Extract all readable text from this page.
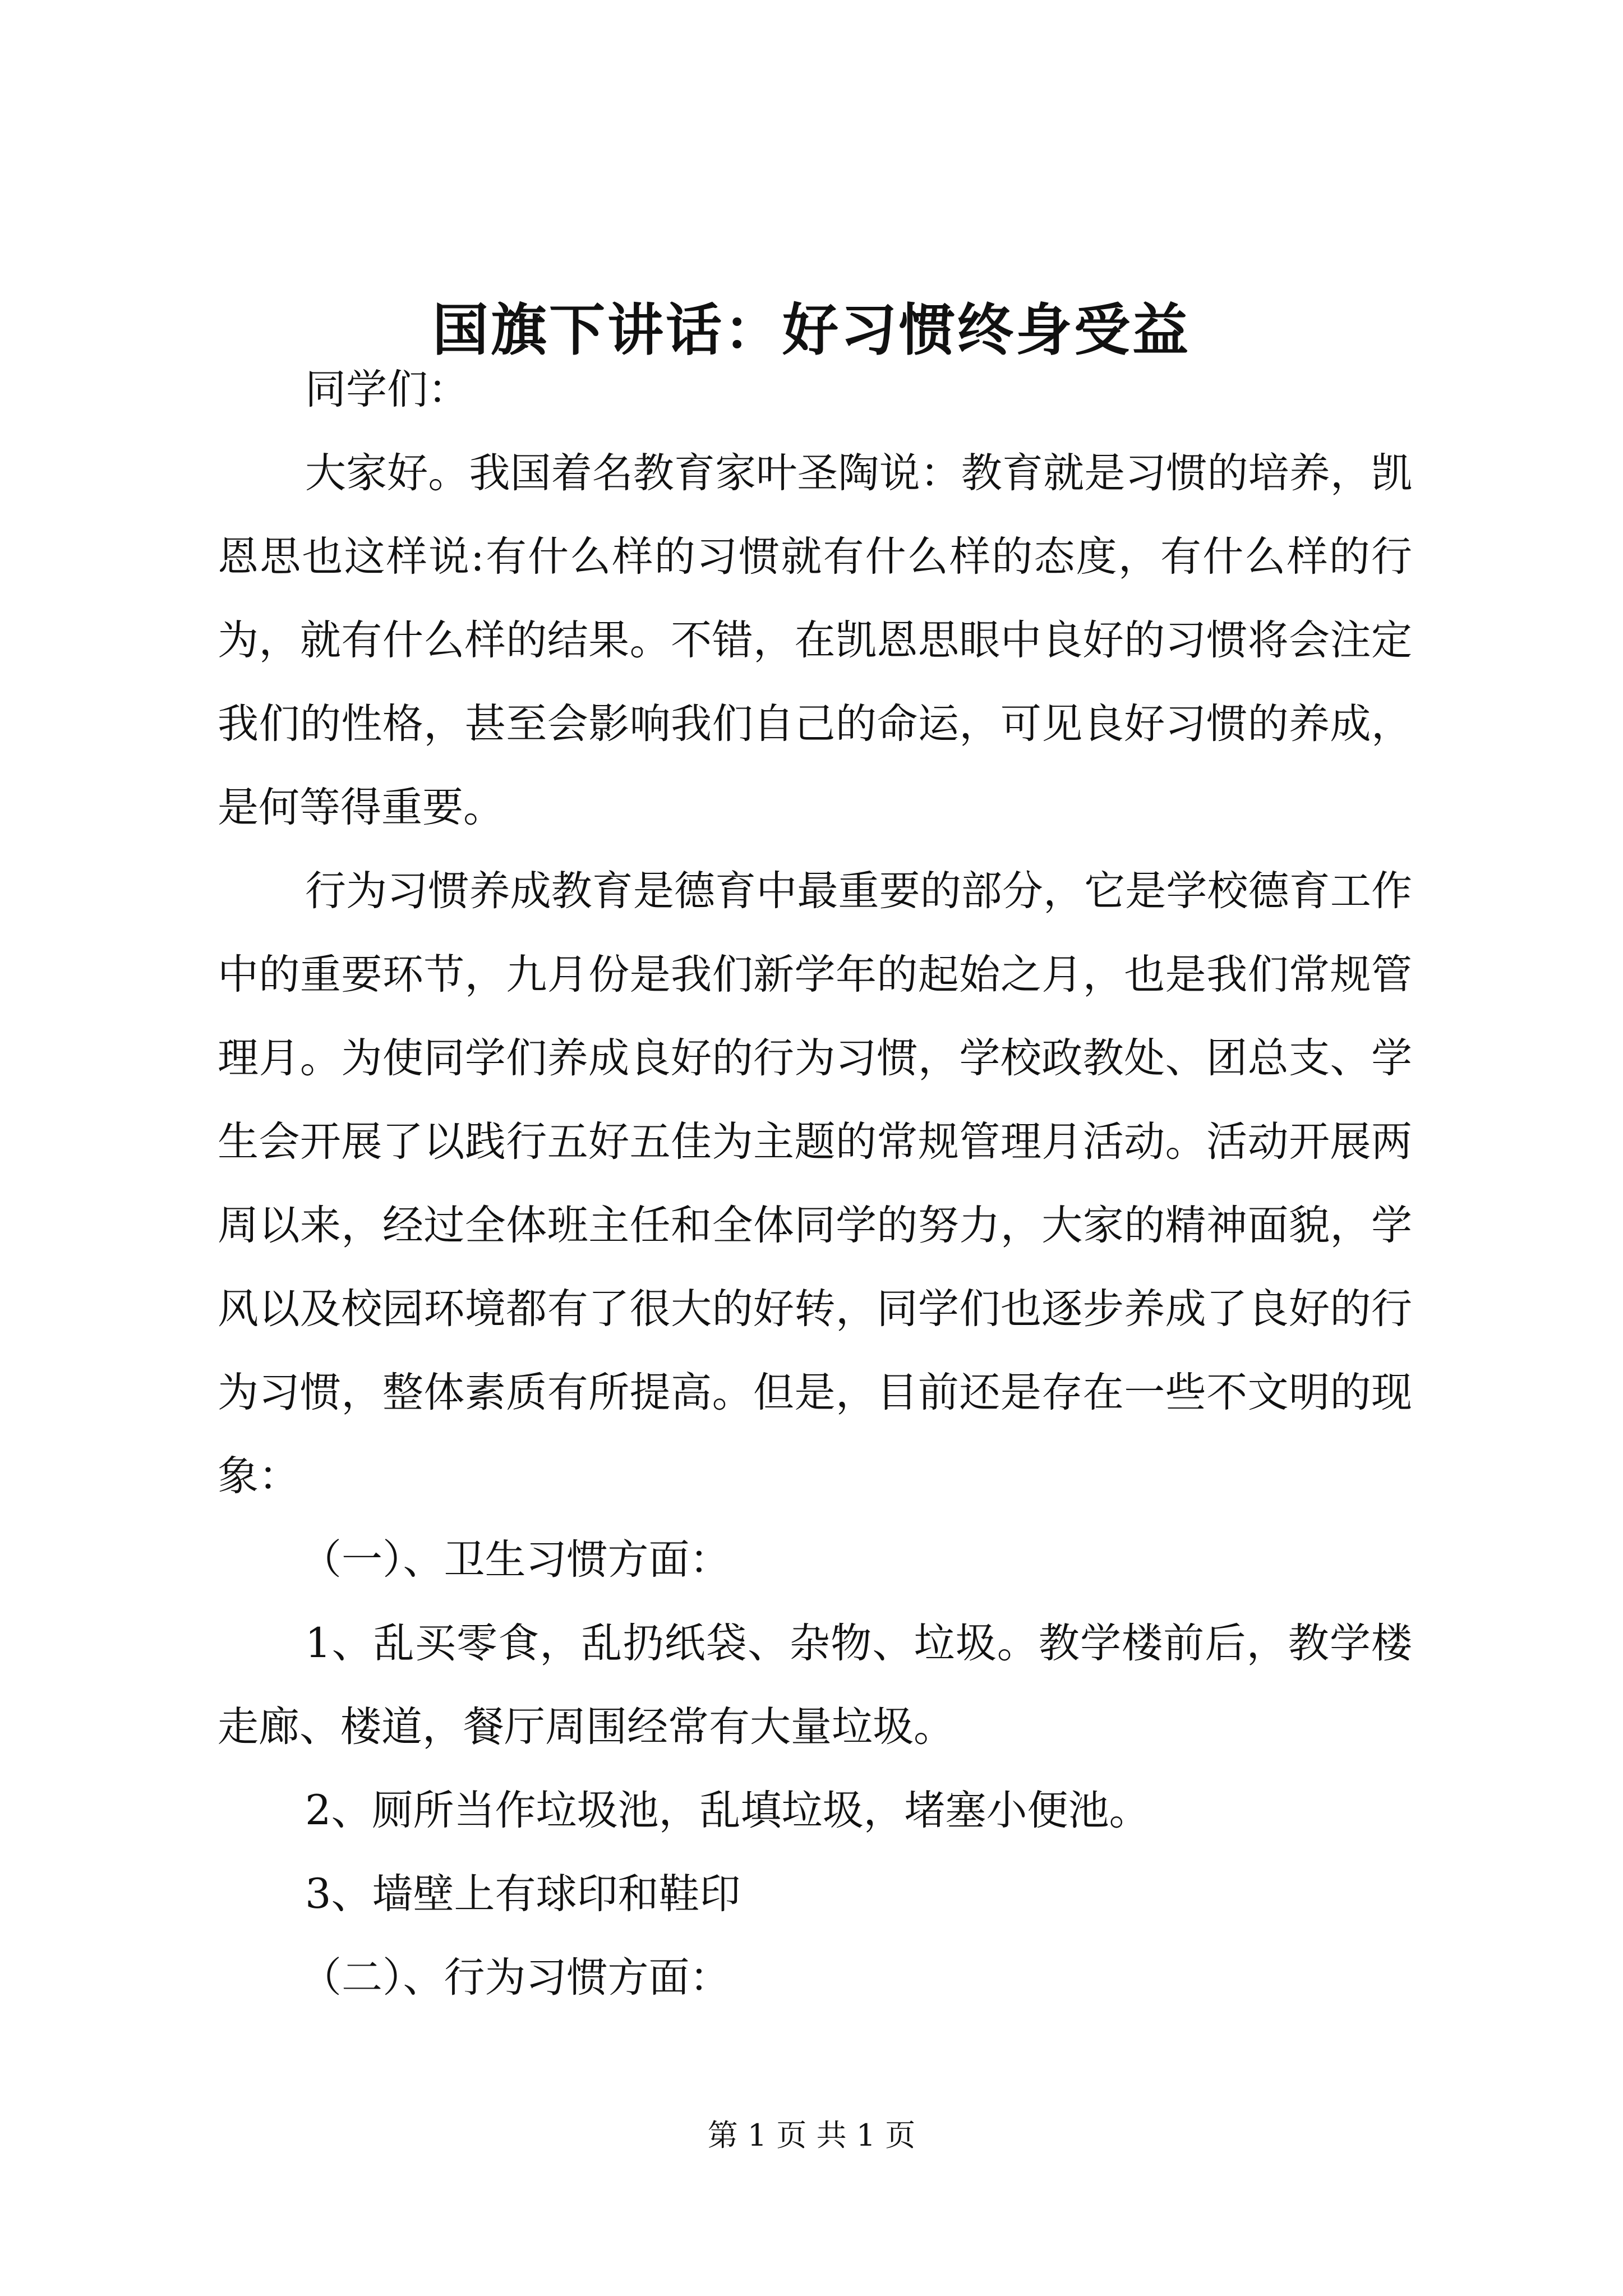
国旗下讲话：好习惯终身受益

同学们：

大家好。我国着名教育家叶圣陶说：教育就是习惯的培养，凯恩思也这样说:有什么样的习惯就有什么样的态度，有什么样的行为，就有什么样的结果。不错，在凯恩思眼中良好的习惯将会注定我们的性格，甚至会影响我们自己的命运，可见良好习惯的养成，是何等得重要。

行为习惯养成教育是德育中最重要的部分，它是学校德育工作中的重要环节，九月份是我们新学年的起始之月，也是我们常规管理月。为使同学们养成良好的行为习惯，学校政教处、团总支、学生会开展了以践行五好五佳为主题的常规管理月活动。活动开展两周以来，经过全体班主任和全体同学的努力，大家的精神面貌，学风以及校园环境都有了很大的好转，同学们也逐步养成了良好的行为习惯，整体素质有所提高。但是，目前还是存在一些不文明的现象：

（一）、卫生习惯方面：

1、乱买零食，乱扔纸袋、杂物、垃圾。教学楼前后，教学楼走廊、楼道，餐厅周围经常有大量垃圾。

2、厕所当作垃圾池，乱填垃圾，堵塞小便池。

3、墙壁上有球印和鞋印

（二）、行为习惯方面：

第 1 页 共 1 页
